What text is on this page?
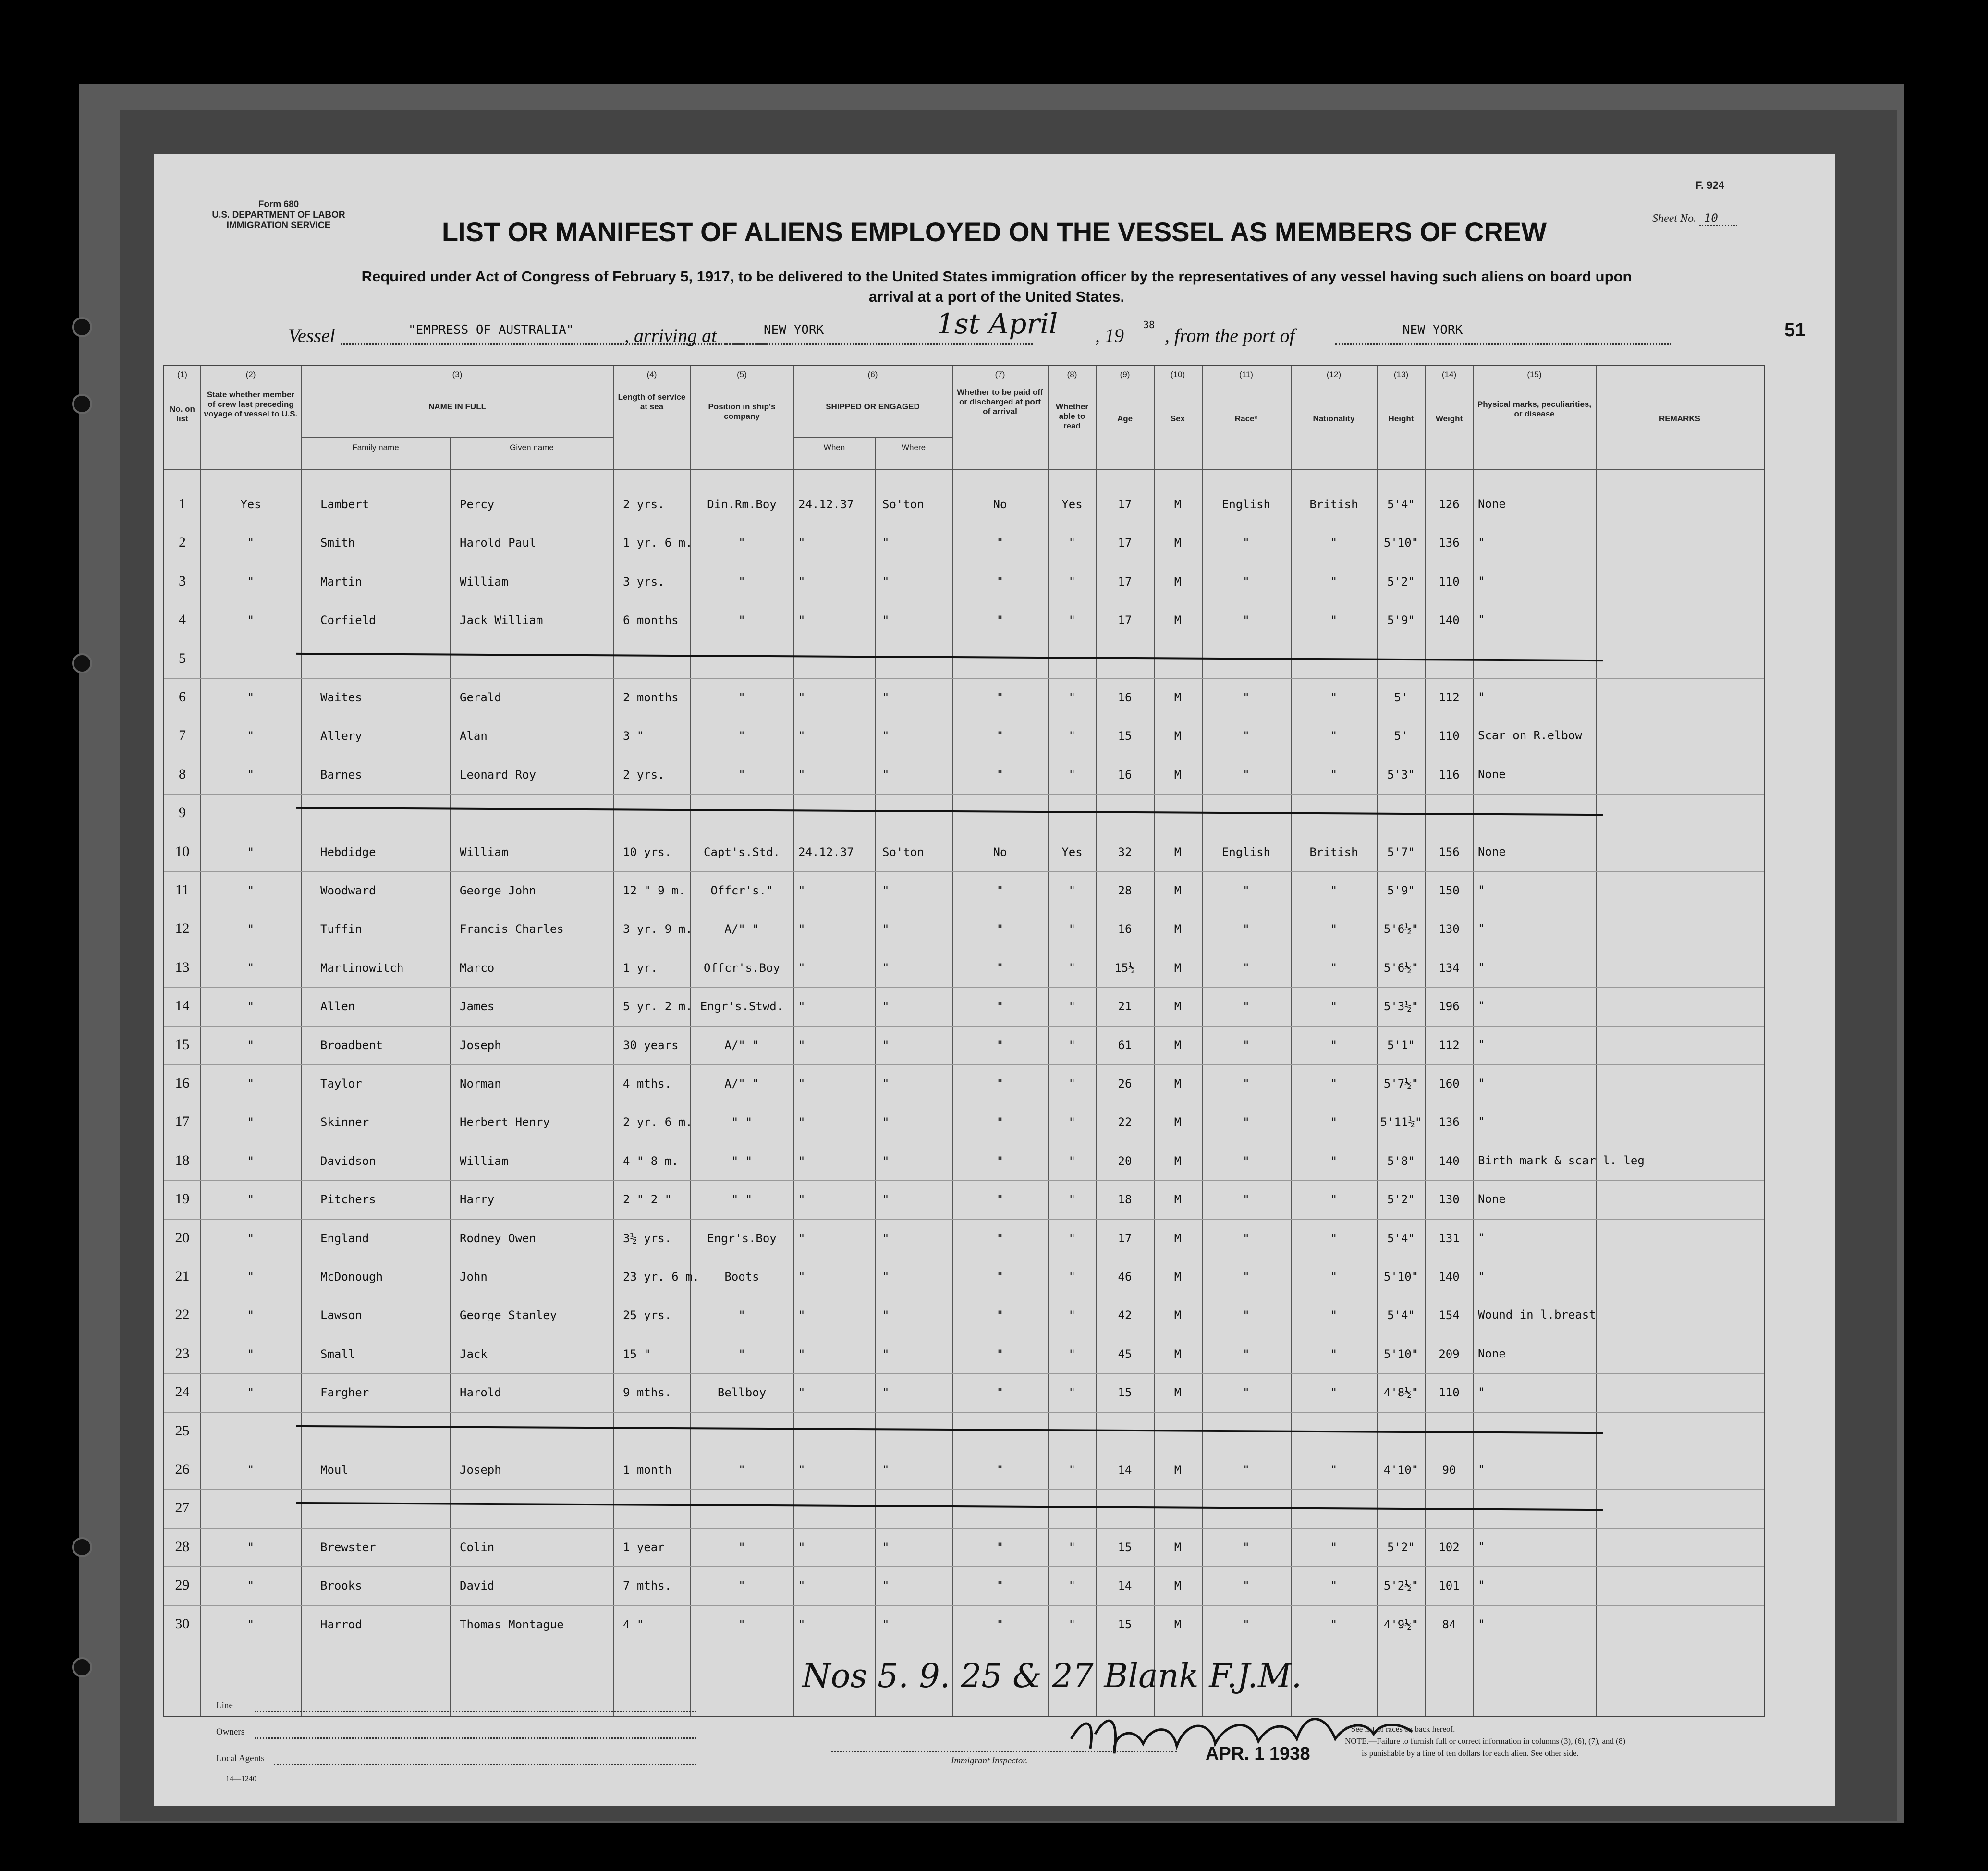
Form 680
U.S. DEPARTMENT OF LABOR
IMMIGRATION SERVICE
F. 924
Sheet No. 10
LIST OR MANIFEST OF ALIENS EMPLOYED ON THE VESSEL AS MEMBERS OF CREW
Required under Act of Congress of February 5, 1917, to be delivered to the United States immigration officer by the representatives of any vessel having such aliens on board upon
arrival at a port of the United States.
Vessel	"EMPRESS OF AUSTRALIA"	, arriving at	NEW YORK	1st April , 19 38 , from the port of	NEW YORK	51
(1)	(2)	(3)	(4)	(5)	(6)	(7)	(8)	(9)	(10)	(11)	(12)	(13)	(14)	(15)
No. on list
State whether member of crew last preceding voyage of vessel to U.S.
NAME IN FULL
Family name	Given name
Length of service at sea	Position in ship's company
SHIPPED OR ENGAGED
When	Where
Whether to be paid off or discharged at port of arrival
Whether able to read
Age	Sex	Race*	Nationality	Height	Weight
Physical marks, peculiarities, or disease
REMARKS
1	Yes	Lambert	Percy	2 yrs.	Din.Rm.Boy	24.12.37 So'ton	No	Yes	17	M	English	British	5'4"	126	None
2	"	Smith	Harold Paul	1 yr. 6 m.	"	"	"	"	"	17	M	"	"	5'10"	136	"
3	"	Martin	William	3 yrs.	"	"	"	"	"	17	M	"	"	5'2"	110	"
4	"	Corfield	Jack William	6 months	"	"	"	"	"	17	M	"	"	5'9"	140	"
5
6	"	Waites	Gerald	2 months	"	"	"	"	"	16	M	"	"	5'	112	"
7	"	Allery	Alan	3 "	"	"	"	"	"	15	M	"	"	5'	110	Scar on R.elbow
8	"	Barnes	Leonard Roy	2 yrs.	"	"	"	"	"	16	M	"	"	5'3"	116	None
9
10	"	Hebdidge	William	10 yrs.	Capt's.Std.	24.12.37 So'ton	No	Yes	32	M	English	British	5'7"	156	None
11	"	Woodward	George John	12 " 9 m.	Offcr's."	"	"	"	"	28	M	"	"	5'9"	150	"
12	"	Tuffin	Francis Charles	3 yr. 9 m.	A/" "	"	"	"	"	16	M	"	"	5'6½"	130	"
13	"	Martinowitch	Marco	1 yr.	Offcr's.Boy	"	"	"	"	15½	M	"	"	5'6½"	134	"
14	"	Allen	James	5 yr. 2 m. Engr's.Stwd.	"	"	"	"	21	M	"	"	5'3½"	196	"
15	"	Broadbent	Joseph	30 years	A/" "	"	"	"	"	61	M	"	"	5'1"	112	"
16	"	Taylor	Norman	4 mths.	A/" "	"	"	"	"	26	M	"	"	5'7½"	160	"
17	"	Skinner	Herbert Henry	2 yr. 6 m.	" "	"	"	"	"	22	M	"	"	5'11½"	136	"
18	"	Davidson	William	4 " 8 m.	" "	"	"	"	"	20	M	"	"	5'8"	140	Birth mark & scar l. leg
19	"	Pitchers	Harry	2 " 2 "	" "	"	"	"	"	18	M	"	"	5'2"	130	None
20	"	England	Rodney Owen	3½ yrs.	Engr's.Boy	"	"	"	"	17	M	"	"	5'4"	131	"
21	"	McDonough	John	23 yr. 6 m.	Boots	"	"	"	"	46	M	"	"	5'10"	140	"
22	"	Lawson	George Stanley	25 yrs.	"	"	"	"	"	42	M	"	"	5'4"	154	Wound in l.breast
23	"	Small	Jack	15 "	"	"	"	"	"	45	M	"	"	5'10"	209	None
24	"	Fargher	Harold	9 mths.	Bellboy	"	"	"	"	15	M	"	"	4'8½"	110	"
25
26	"	Moul	Joseph	1 month	"	"	"	"	"	14	M	"	"	4'10"	90	"
27
28	"	Brewster	Colin	1 year	"	"	"	"	"	15	M	"	"	5'2"	102	"
29	"	Brooks	David	7 mths.	"	"	"	"	"	14	M	"	"	5'2½"	101	"
30	"	Harrod	Thomas Montague	4 "	"	"	"	"	"	15	M	"	"	4'9½"	84	"
Nos 5. 9. 25 & 27 Blank F.J.M.
APR. 1 1938
Line
Owners
Local Agents
14—1240
Immigrant Inspector.
* See list of races on back hereof.
NOTE.—Failure to furnish full or correct information in columns (3), (6), (7), and (8)
is punishable by a fine of ten dollars for each alien. See other side.
